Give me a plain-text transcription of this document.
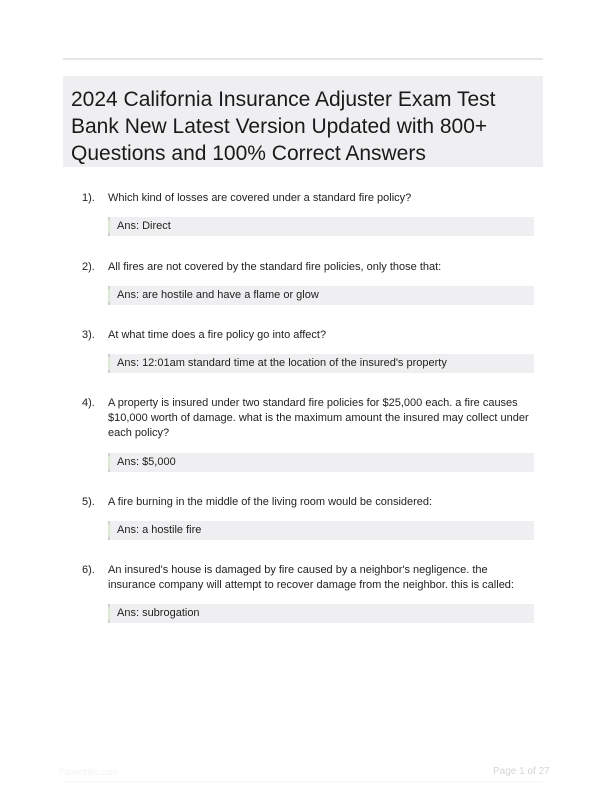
2024 California Insurance Adjuster Exam Test Bank New Latest Version Updated with 800+ Questions and 100% Correct Answers
1). Which kind of losses are covered under a standard fire policy?
Ans: Direct
2). All fires are not covered by the standard fire policies, only those that:
Ans: are hostile and have a flame or glow
3). At what time does a fire policy go into affect?
Ans: 12:01am standard time at the location of the insured's property
4). A property is insured under two standard fire policies for $25,000 each. a fire causes $10,000 worth of damage. what is the maximum amount the insured may collect under each policy?
Ans: $5,000
5). A fire burning in the middle of the living room would be considered:
Ans: a hostile fire
6). An insured's house is damaged by fire caused by a neighbor's negligence. the insurance company will attempt to recover damage from the neighbor. this is called:
Ans: subrogation
Papertrific.com	Page 1 of 27
